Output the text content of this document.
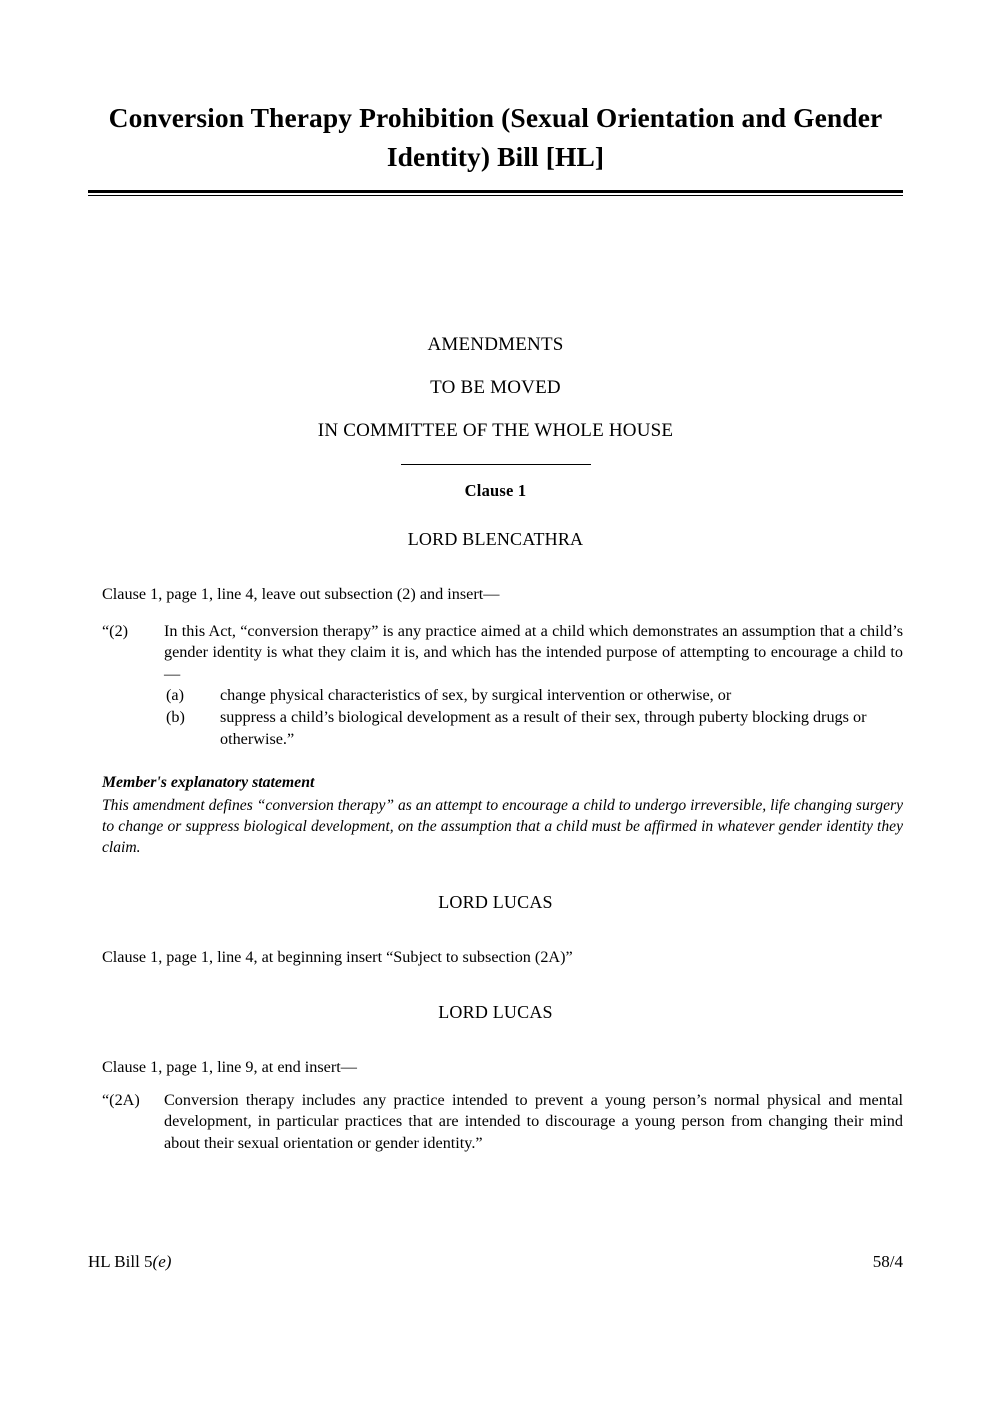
Conversion Therapy Prohibition (Sexual Orientation and Gender Identity) Bill [HL]
AMENDMENTS
TO BE MOVED
IN COMMITTEE OF THE WHOLE HOUSE
Clause 1
LORD BLENCATHRA
Clause 1, page 1, line 4, leave out subsection (2) and insert—
“(2)	In this Act, “conversion therapy” is any practice aimed at a child which demonstrates an assumption that a child’s gender identity is what they claim it is, and which has the intended purpose of attempting to encourage a child to—
(a)	change physical characteristics of sex, by surgical intervention or otherwise, or
(b)	suppress a child’s biological development as a result of their sex, through puberty blocking drugs or otherwise.”
Member's explanatory statement
This amendment defines “conversion therapy” as an attempt to encourage a child to undergo irreversible, life changing surgery to change or suppress biological development, on the assumption that a child must be affirmed in whatever gender identity they claim.
LORD LUCAS
Clause 1, page 1, line 4, at beginning insert “Subject to subsection (2A)”
LORD LUCAS
Clause 1, page 1, line 9, at end insert—
“(2A)	Conversion therapy includes any practice intended to prevent a young person’s normal physical and mental development, in particular practices that are intended to discourage a young person from changing their mind about their sexual orientation or gender identity.”
HL Bill 5(e)	58/4
